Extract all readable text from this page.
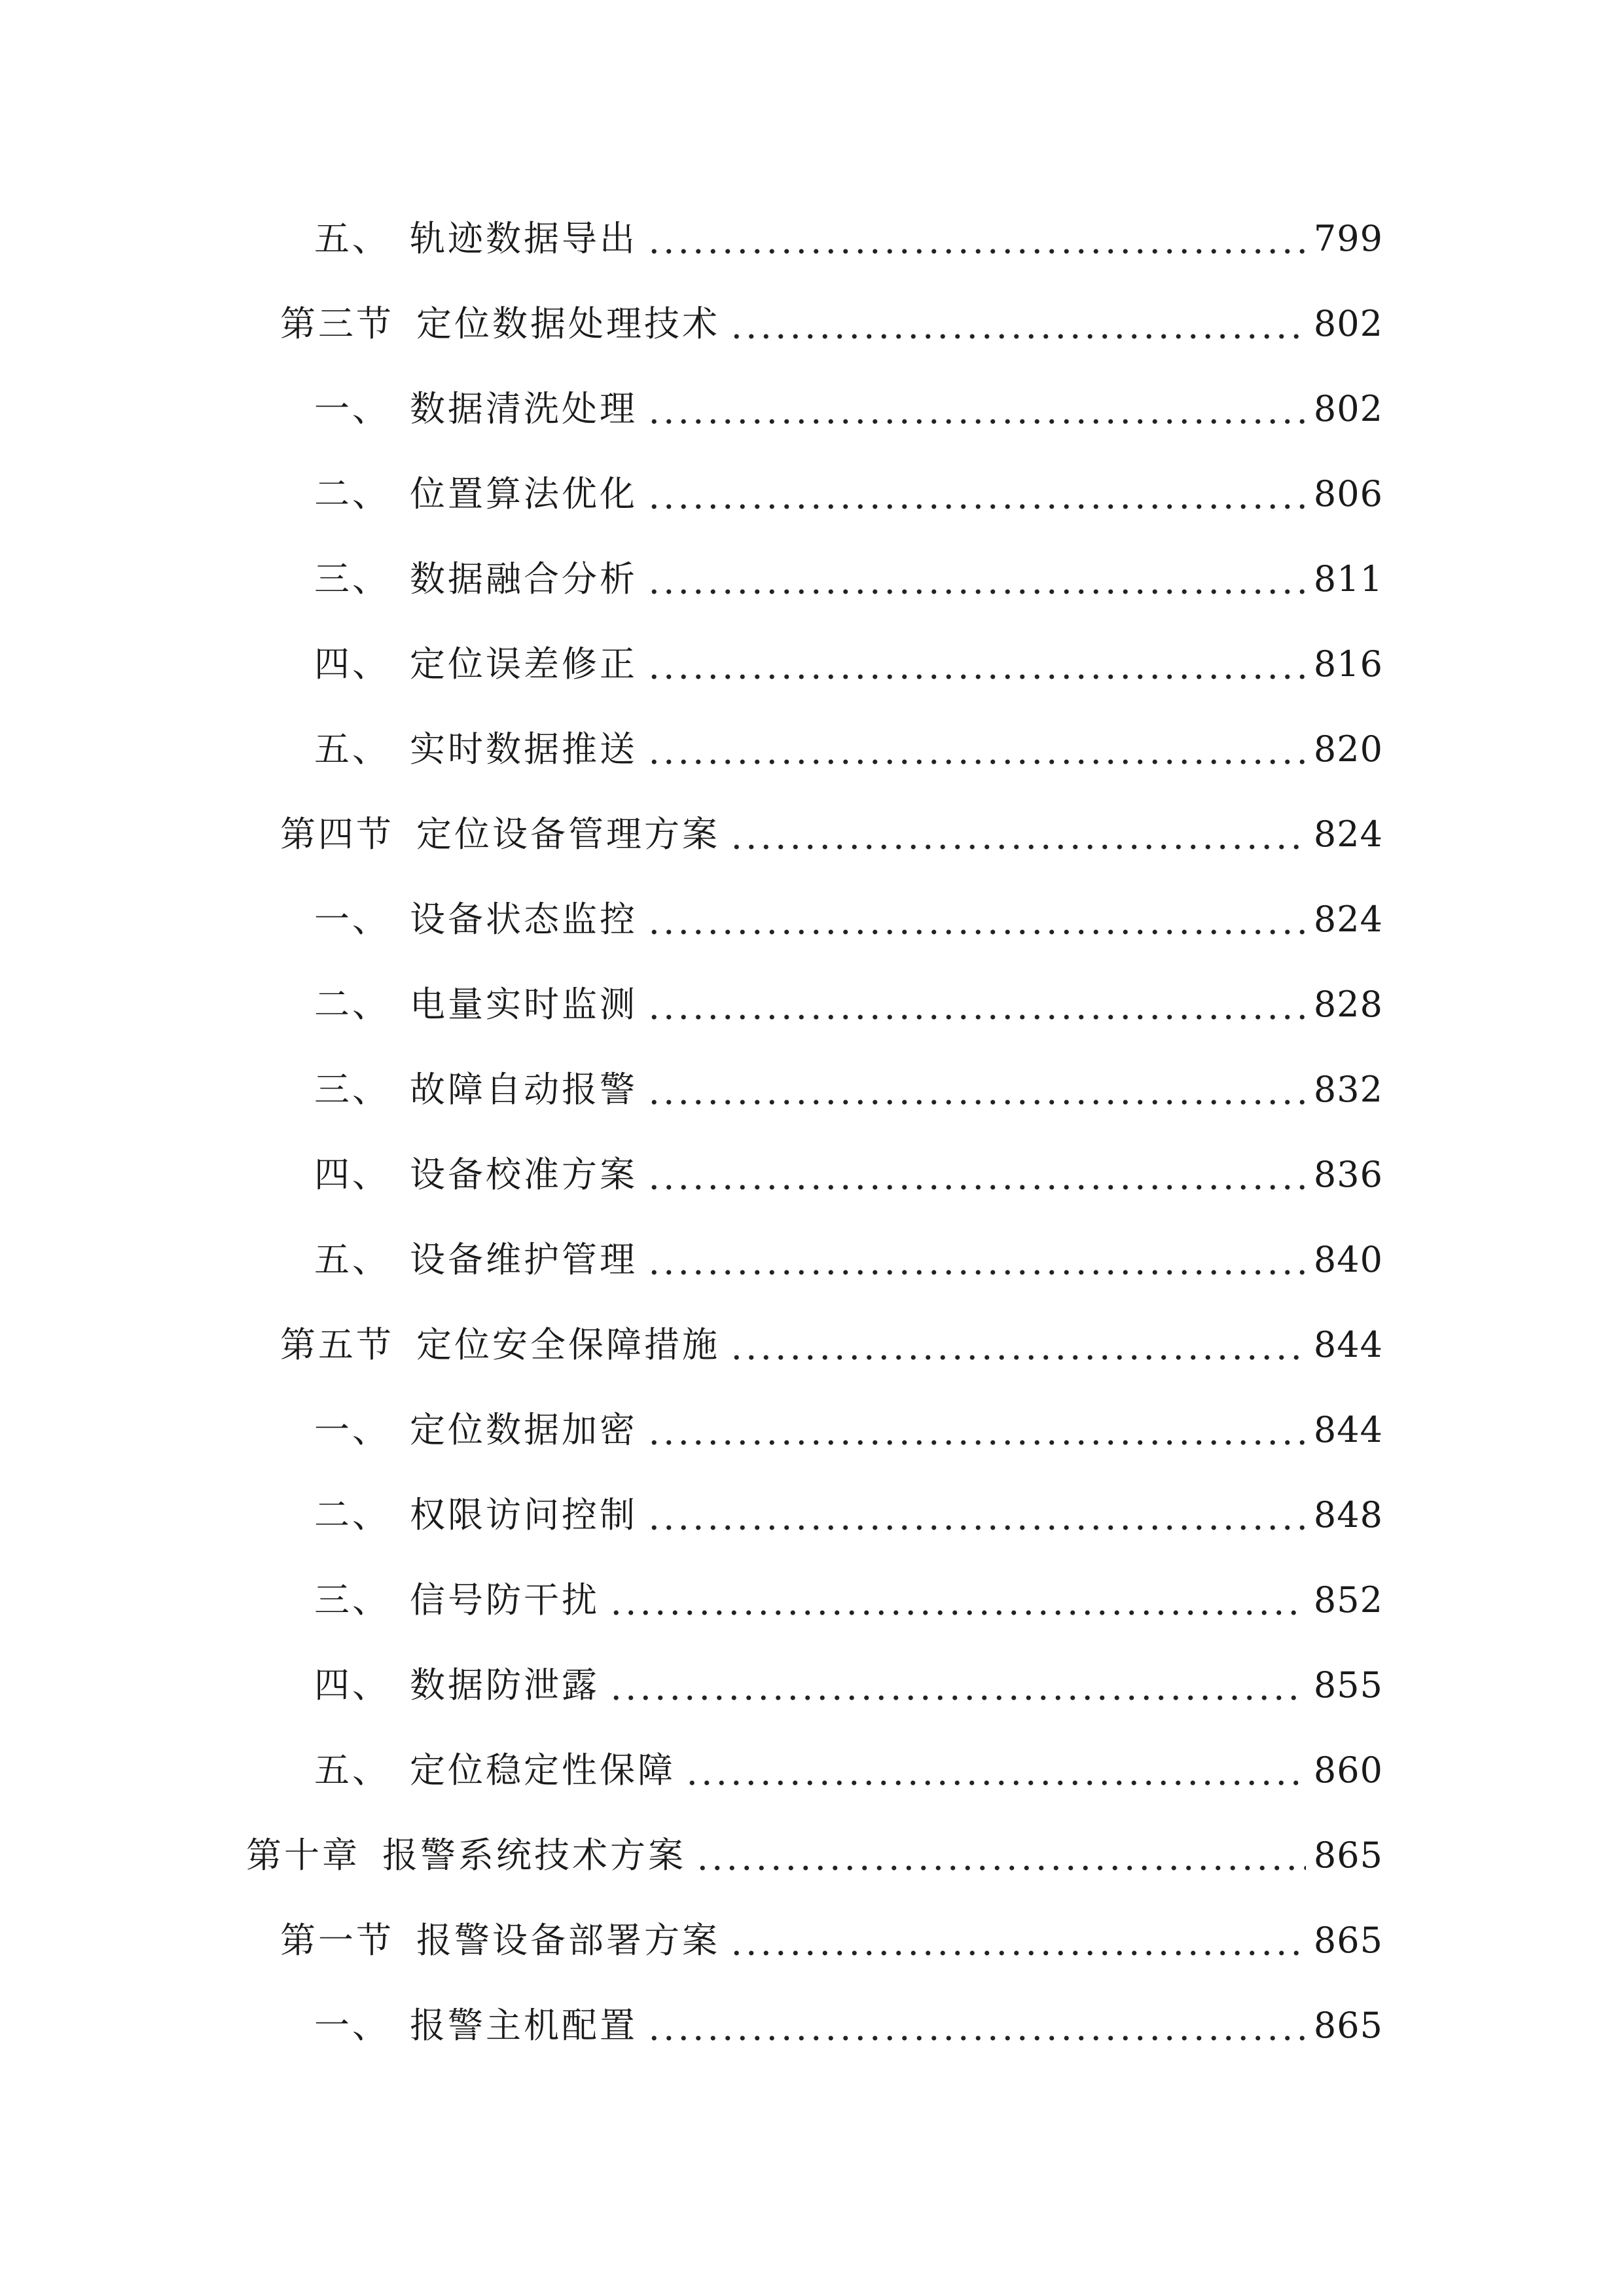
五、 轨迹数据导出	799
第三节 定位数据处理技术	802
一、 数据清洗处理	802
二、 位置算法优化	806
三、 数据融合分析	811
四、 定位误差修正	816
五、 实时数据推送	820
第四节 定位设备管理方案	824
一、 设备状态监控	824
二、 电量实时监测	828
三、 故障自动报警	832
四、 设备校准方案	836
五、 设备维护管理	840
第五节 定位安全保障措施	844
一、 定位数据加密	844
二、 权限访问控制	848
三、 信号防干扰	852
四、 数据防泄露	855
五、 定位稳定性保障	860
第十章 报警系统技术方案	865
第一节 报警设备部署方案	865
一、 报警主机配置	865
